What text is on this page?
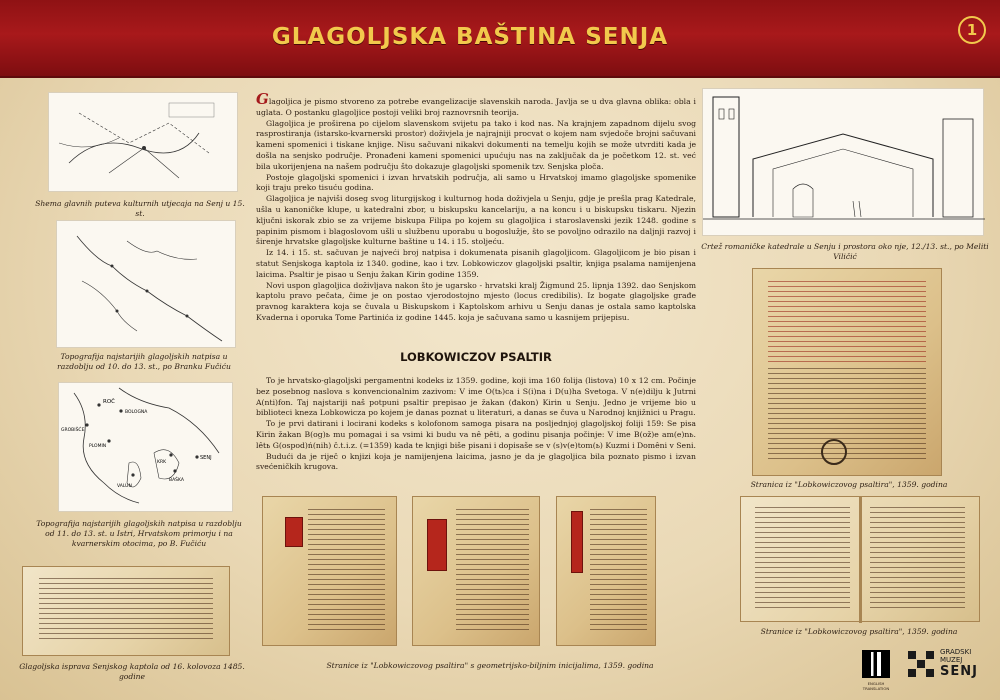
GLAGOLJSKA BAŠTINA SENJA	1
Shema glavnih puteva kulturnih utjecaja na Senj u 15. st.
Topografija najstarijih glagoljskih natpisa u razdoblju od 10. do 13. st., po Branku Fučiću
ROČ
BOLOGNA
GROBIŠĆE
VALUN
KRK
SENJ
PLOMIN
BAŠKA
Topografija najstarijih glagoljskih natpisa u razdoblju od 11. do 13. st. u Istri, Hrvatskom primorju i na kvarnerskim otocima, po B. Fučiću
Glagoljska isprava Senjskog kaptola od 16. kolovoza 1485. godine

Glagoljica je pismo stvoreno za potrebe evangelizacije slavenskih naroda. Javlja se u dva glavna oblika: obla i uglata. O postanku glagoljice postoji veliki broj raznovrsnih teorija.

Glagoljica je proširena po cijelom slavenskom svijetu pa tako i kod nas. Na krajnjem zapadnom dijelu svog rasprostiranja (istarsko-kvarnerski prostor) doživjela je najrajniji procvat o kojem nam svjedoče brojni sačuvani kameni spomenici i tiskane knjige. Nisu sačuvani nikakvi dokumenti na temelju kojih se može utvrditi kada je došla na senjsko područje. Pronađeni kameni spomenici upućuju nas na zaključak da je početkom 12. st. već bila ukorijenjena na našem području što dokazuje glagoljski spomenik tzv. Senjska ploča.

Postoje glagoljski spomenici i izvan hrvatskih područja, ali samo u Hrvatskoj imamo glagoljske spomenike koji traju preko tisuću godina.

Glagoljica je najviši doseg svog liturgijskog i kulturnog hoda doživjela u Senju, gdje je prešla prag Katedrale, ušla u kanoničke klupe, u katedralni zbor, u biskupsku kancelariju, a na koncu i u biskupsku tiskaru. Njezin ključni iskorak zbio se za vrijeme biskupa Filipa po kojem su glagoljica i staroslavenski jezik 1248. godine s papinim pismom i blagoslovom ušli u službenu uporabu u bogoslužje, što se povoljno odrazilo na daljnji razvoj i širenje hrvatske glagoljske kulturne baštine u 14. i 15. stoljeću.

Iz 14. i 15. st. sačuvan je najveći broj natpisa i dokumenata pisanih glagoljicom. Glagoljicom je bio pisan i statut Senjskoga kaptola iz 1340. godine, kao i tzv. Lobkowiczov glagoljski psaltir, knjiga psalama namijenjena laicima. Psaltir je pisao u Senju žakan Kirin godine 1359.

Novi uspon glagoljica doživljava nakon što je ugarsko - hrvatski kralj Žigmund 25. lipnja 1392. dao Senjskom kaptolu pravo pečata, čime je on postao vjerodostojno mjesto (locus credibilis). Iz bogate glagoljske građe pravnog karaktera koja se čuvala u Biskupskom i Kaptolskom arhivu u Senju danas je ostala samo kaptolska Kvaderna i oporuka Tome Partinića iz godine 1445. koja je sačuvana samo u kasnijem prijepisu.

LOBKOWICZOV PSALTIR

To je hrvatsko-glagoljski pergamentni kodeks iz 1359. godine, koji ima 160 folija (listova) 10 x 12 cm. Počinje bez posebnog naslova s konvencionalnim zazivom: V ime O(tь)ca i S(i)na i D(u)ha Svetoga. V n(e)dilju k Jutrni A(nti)fon. Taj najstariji naš potpuni psaltir prepisao je žakan (đakon) Kirin u Senju. Jedno je vrijeme bio u biblioteci kneza Lobkowicza po kojem je danas poznat u literaturi, a danas se čuva u Narodnoj knjižnici u Pragu.

To je prvi datirani i locirani kodeks s kolofonom samoga pisara na posljednjoj glagoljskoj foliji 159: Se pisa Kirin žakan B(og)ь mu pomagai i sa vsimi ki budu va nê pêti, a godinu pisanja počinje: V ime B(ož)e am(e)nь. lêtь G(ospod)ń(nih) č.t.i.z. (=1359) kada te knjigi biše pisani i dopisaše se v (s)v(e)tom(ь) Kuzmi i Domêni v Seni.

Budući da je riječ o knjizi koja je namijenjena laicima, jasno je da je glagoljica bila poznato pismo i izvan svećeničkih krugova.

Crtež romaničke katedrale u Senju i prostora oko nje, 12./13. st., po Meliti Viličić
Stranica iz "Lobkowiczovog psaltira", 1359. godina
Stranice iz "Lobkowiczovog psaltira", 1359. godina
Stranice iz "Lobkowiczovog psaltira" s geometrijsko-biljnim inicijalima, 1359. godina
ENGLISH TRANSLATION
GRADSKI
MUZEJ
SENJ
